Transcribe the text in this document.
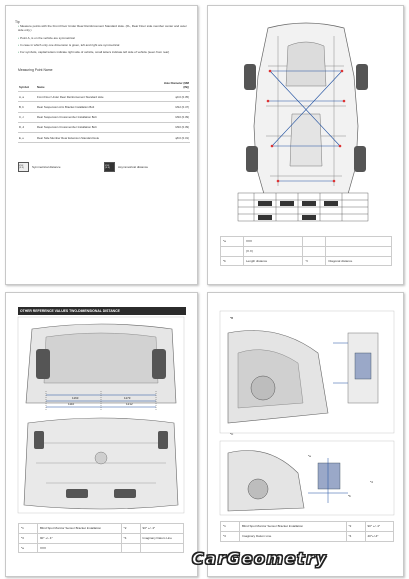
Tip
•Measure points with the Front Floor Under Rear Reinforcement Standard Hole. (FL, Rear Floor side member center and outer side only.)
•Point A, is on the vehicle are symmetrical
•In case in which only one dimension is given, left and right are symmetrical
•For symbols, capital letters indicate right side of vehicle, small letters indicate left side of vehicle (seen from rear)
Measuring Point Name
Symbol	Name	Hole Diameter (MM (IN))
A, a	Front Floor Under Rear Reinforcement Standard Hole	φ9.0 (0.35)
B, b	Rear Suspension Arm Bracket Installation Bolt	M12 (0.47)
C, c	Rear Suspension Crossmember Installation Bolt	M10 (0.39)
D, d	Rear Suspension Crossmember Installation Bolt	M10 (0.39)
E, e	Rear Side Member Rear Extension Standard Hole	φ8.0 (0.31)
XXX (X.X)	Symmetrical distance	XXX (X.X)	Asymmetrical distance
*a	XXX		
	(X.X)		
*b	Length distance	*c	Diagonal distance
OTHER REFERENCE VALUES TWO-DIMENSIONAL DISTANCE
1163	1173
1110	1212
*1	Blind Spot Monitor Sensor Bracket Installation	*2	90° +/- 4°
*3	90° +/- 4°	*4	Imaginary Datum Line
*a	XXX		
*B
*C
*a
*b
*4
*1	Blind Spot Monitor Sensor Bracket Installation	*2	90° +/- 4°
*3	Imaginary Datum Line	*4	40°+/-4°
CarGeometry
